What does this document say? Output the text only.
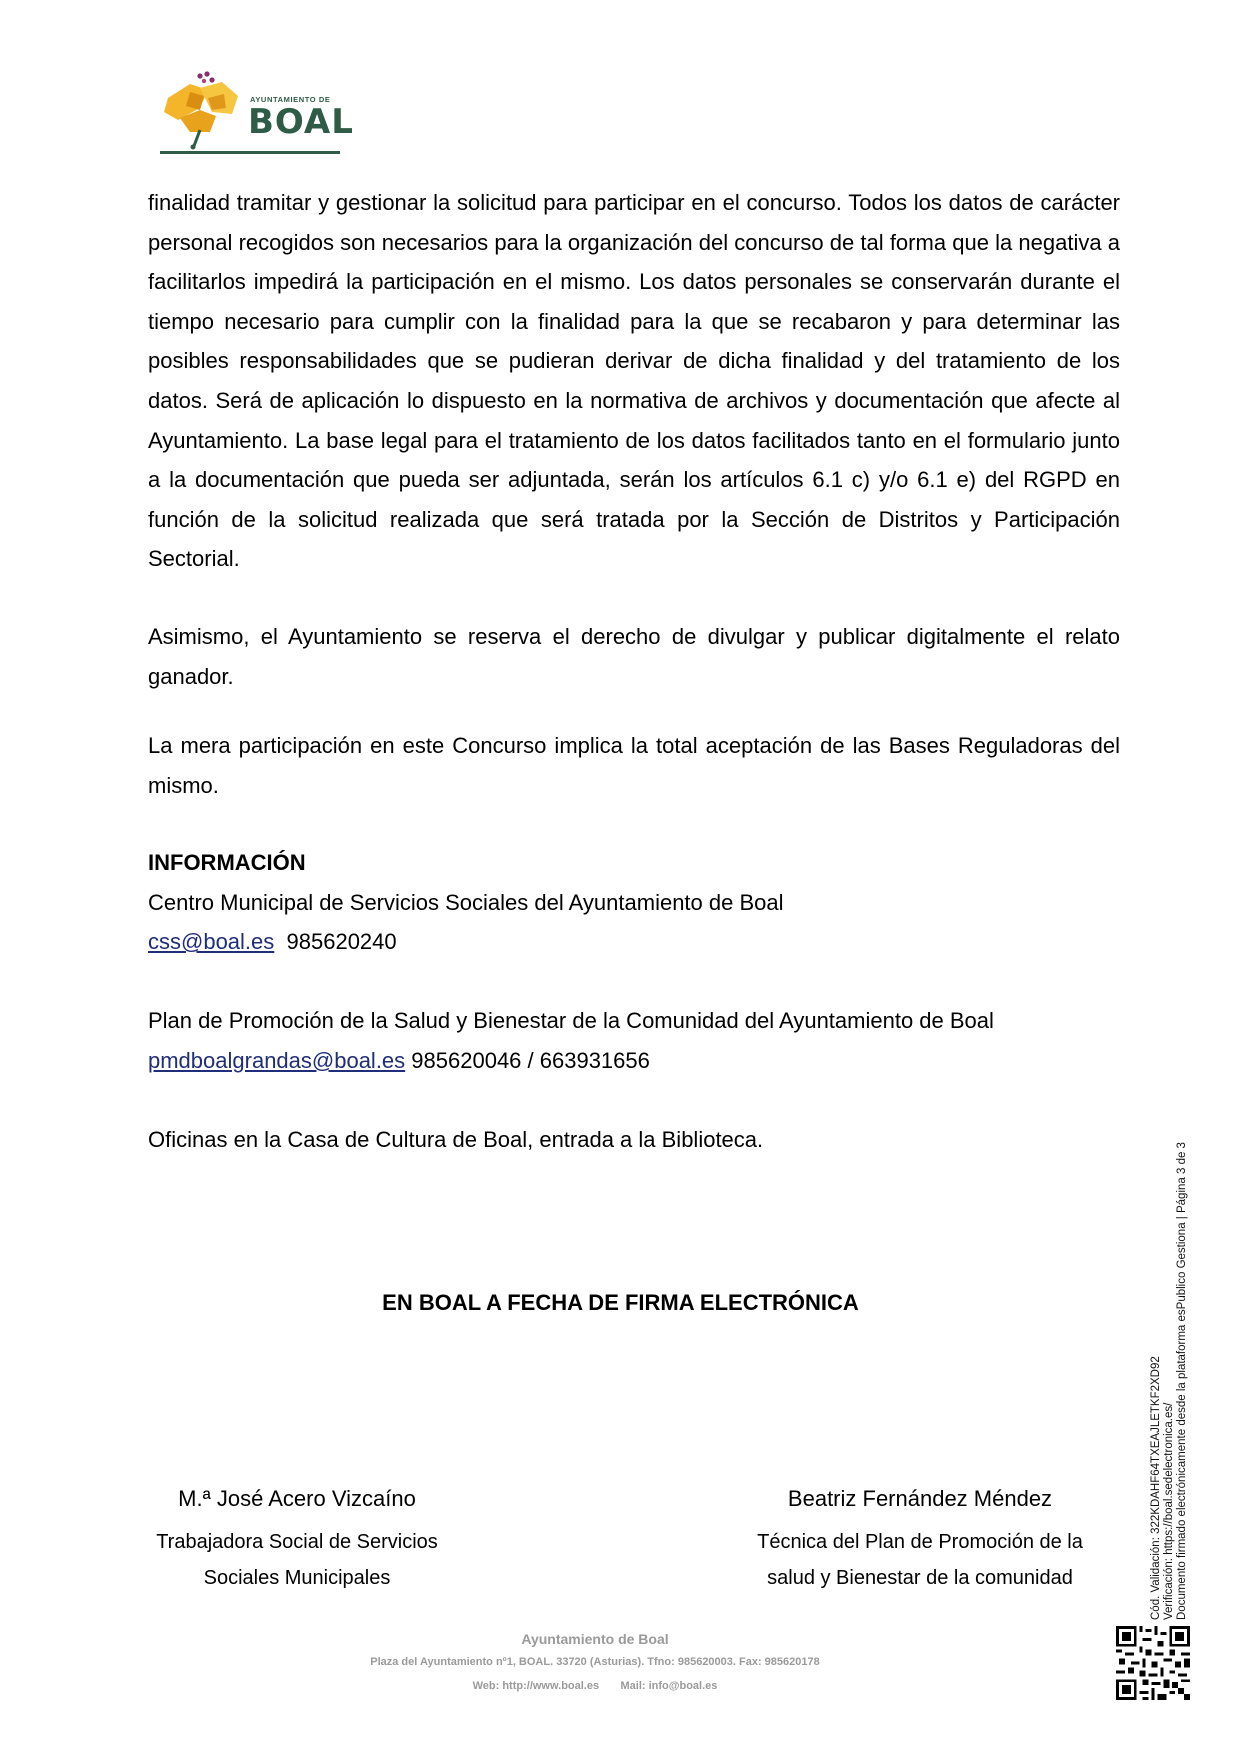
AYUNTAMIENTO DE
BOAL

finalidad tramitar y gestionar la solicitud para participar en el concurso. Todos los datos de carácter personal recogidos son necesarios para la organización del concurso de tal forma que la negativa a facilitarlos impedirá la participación en el mismo. Los datos personales se conservarán durante el tiempo necesario para cumplir con la finalidad para la que se recabaron y para determinar las posibles responsabilidades que se pudieran derivar de dicha finalidad y del tratamiento de los datos. Será de aplicación lo dispuesto en la normativa de archivos y documentación que afecte al Ayuntamiento. La base legal para el tratamiento de los datos facilitados tanto en el formulario junto a la documentación que pueda ser adjuntada, serán los artículos 6.1 c) y/o 6.1 e) del RGPD en función de la solicitud realizada que será tratada por la Sección de Distritos y Participación Sectorial.

Asimismo, el Ayuntamiento se reserva el derecho de divulgar y publicar digitalmente el relato ganador.

La mera participación en este Concurso implica la total aceptación de las Bases Reguladoras del mismo.

INFORMACIÓN
Centro Municipal de Servicios Sociales del Ayuntamiento de Boal
css@boal.es 985620240
Plan de Promoción de la Salud y Bienestar de la Comunidad del Ayuntamiento de Boal
pmdboalgrandas@boal.es 985620046 / 663931656
Oficinas en la Casa de Cultura de Boal, entrada a la Biblioteca.
EN BOAL A FECHA DE FIRMA ELECTRÓNICA
M.ª José Acero Vizcaíno
Trabajadora Social de Servicios
Sociales Municipales
Beatriz Fernández Méndez
Técnica del Plan de Promoción de la
salud y Bienestar de la comunidad
Ayuntamiento de Boal
Plaza del Ayuntamiento nº1, BOAL. 33720 (Asturias). Tfno: 985620003. Fax: 985620178
Web: http://www.boal.es Mail: info@boal.es
Cód. Validación: 322KDAHF64TXEAJLETKF2XD92 Verificación: https://boal.sedelectronica.es/ Documento firmado electrónicamente desde la plataforma esPublico Gestiona | Página 3 de 3
